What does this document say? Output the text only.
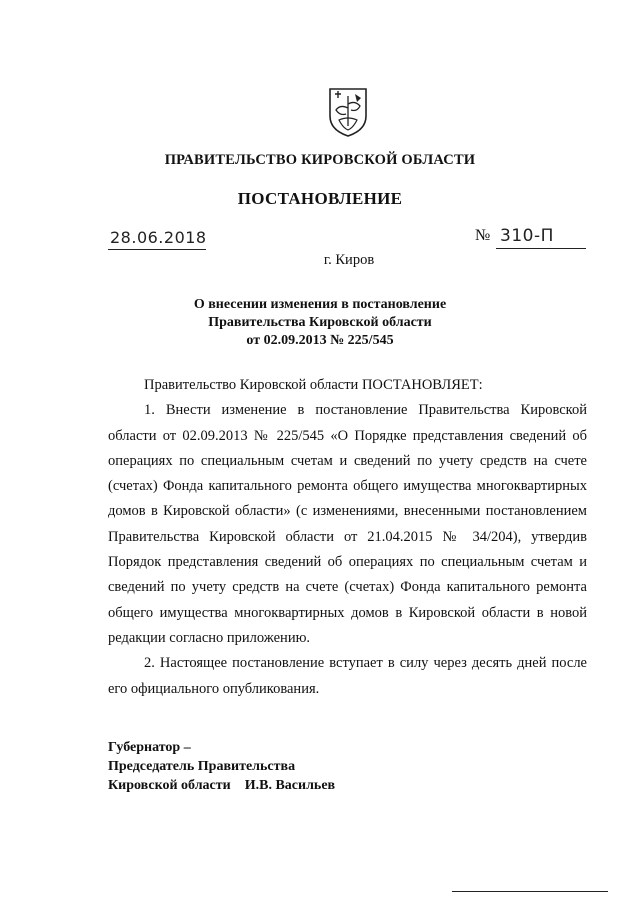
ПРАВИТЕЛЬСТВО КИРОВСКОЙ ОБЛАСТИ
ПОСТАНОВЛЕНИЕ
28.06.2018	№ 310-П
г. Киров
О внесении изменения в постановление
Правительства Кировской области
от 02.09.2013 № 225/545

Правительство Кировской области ПОСТАНОВЛЯЕТ:

1. Внести изменение в постановление Правительства Кировской области от 02.09.2013 № 225/545 «О Порядке представления сведений об операциях по специальным счетам и сведений по учету средств на счете (счетах) Фонда капитального ремонта общего имущества многоквартирных домов в Кировской области» (с изменениями, внесенными постановлением Правительства Кировской области от 21.04.2015 № 34/204), утвердив Порядок представления сведений об операциях по специальным счетам и сведений по учету средств на счете (счетах) Фонда капитального ремонта общего имущества многоквартирных домов в Кировской области в новой редакции согласно приложению.

2. Настоящее постановление вступает в силу через десять дней после его официального опубликования.

Губернатор –
Председатель Правительства
Кировской области И.В. Васильев
